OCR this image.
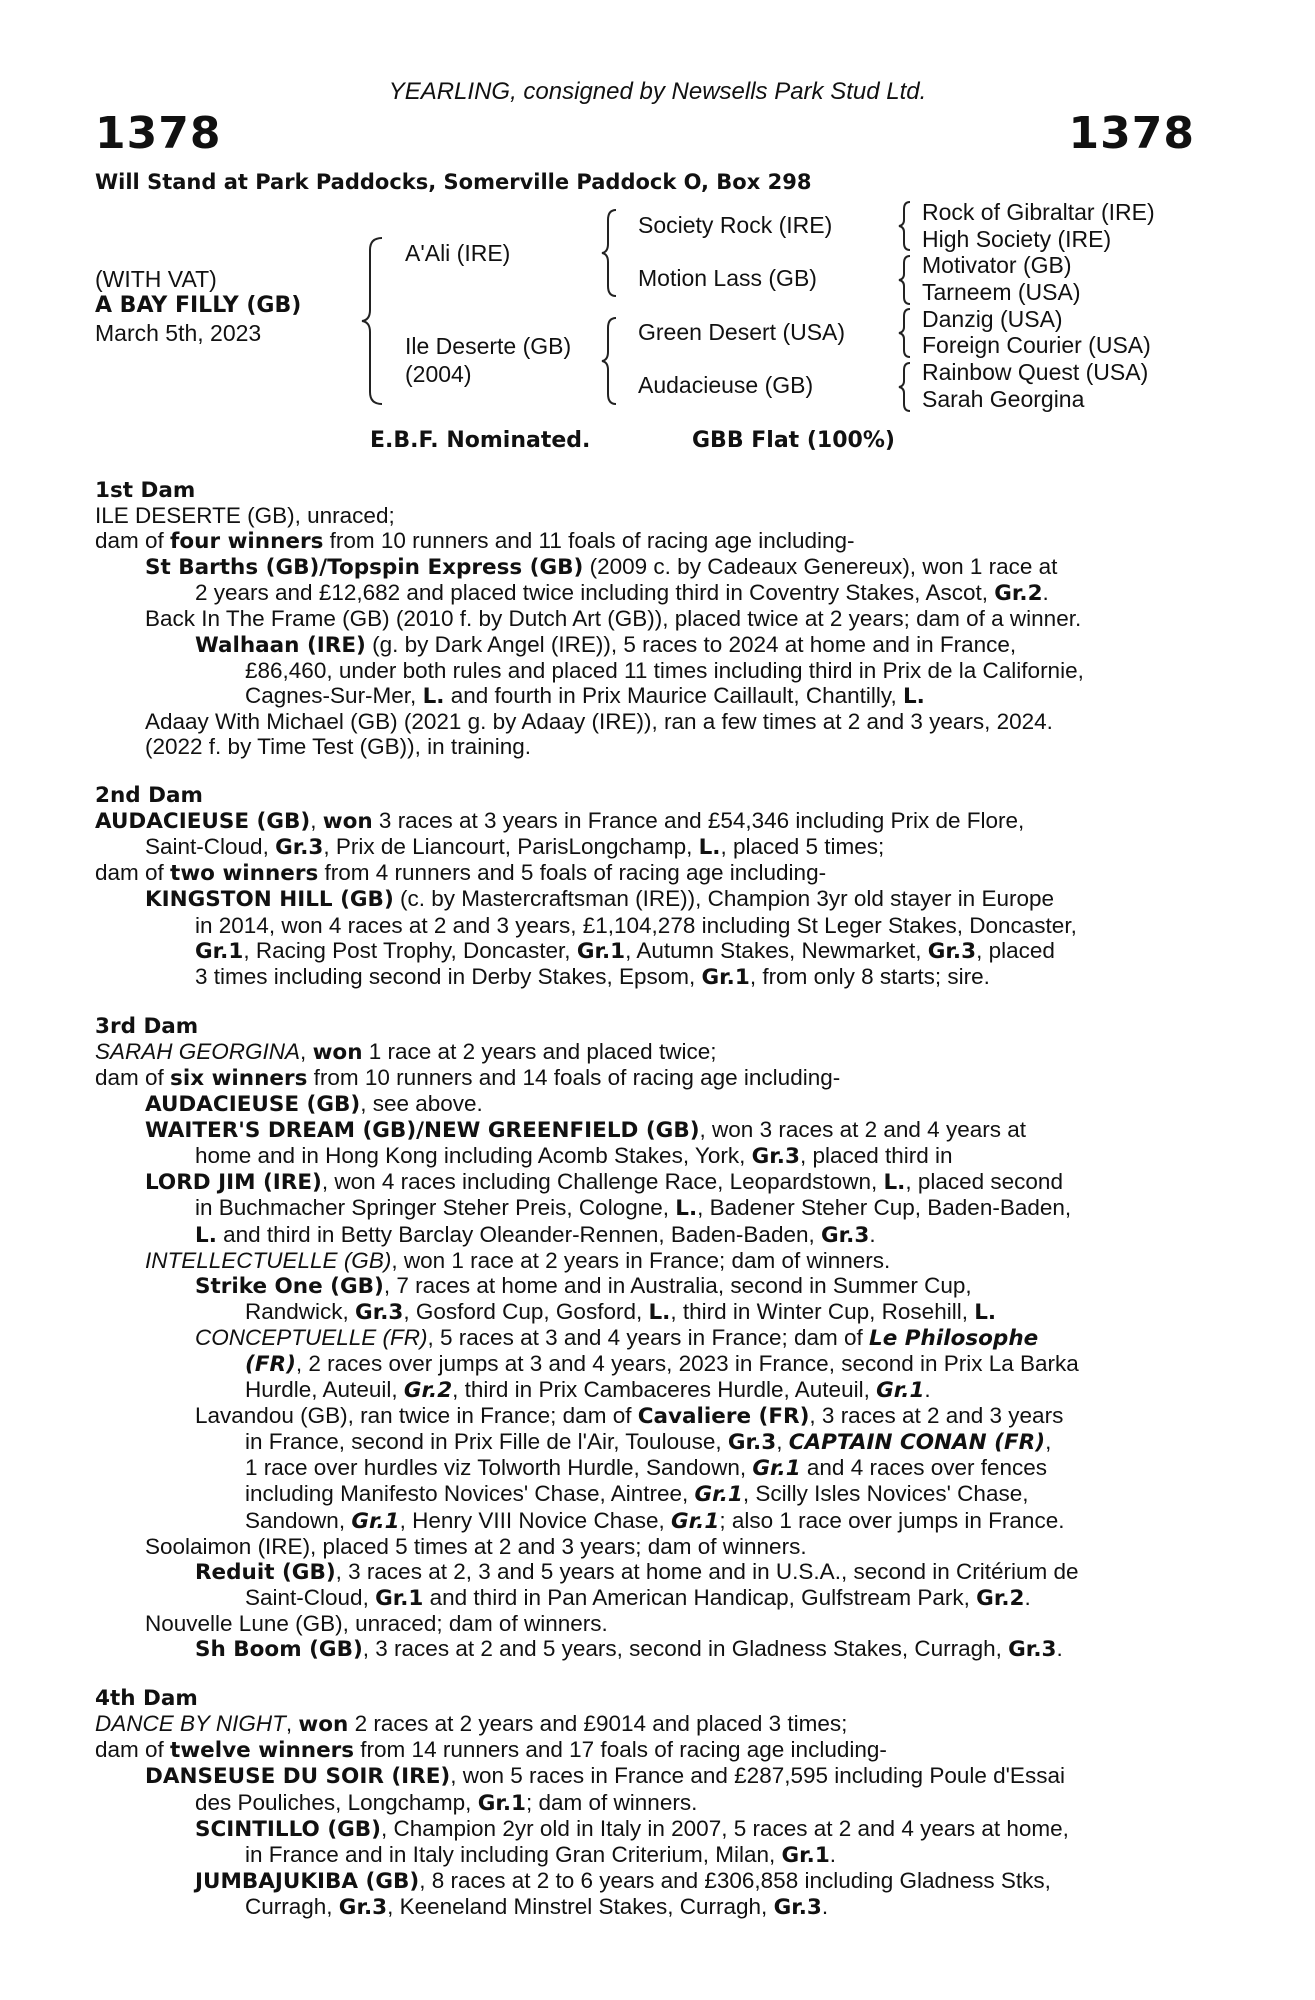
YEARLING, consigned by Newsells Park Stud Ltd.
1378	1378
Will Stand at Park Paddocks, Somerville Paddock O, Box 298
(WITH VAT)
A BAY FILLY (GB)
March 5th, 2023
A'Ali (IRE)
Ile Deserte (GB)
(2004)
Society Rock (IRE)
Motion Lass (GB)
Green Desert (USA)
Audacieuse (GB)
Rock of Gibraltar (IRE)
High Society (IRE)
Motivator (GB)
Tarneem (USA)
Danzig (USA)
Foreign Courier (USA)
Rainbow Quest (USA)
Sarah Georgina
E.B.F. Nominated.	GBB Flat (100%)
1st Dam
ILE DESERTE (GB), unraced;
dam of four winners from 10 runners and 11 foals of racing age including-
St Barths (GB)/Topspin Express (GB) (2009 c. by Cadeaux Genereux), won 1 race at
2 years and £12,682 and placed twice including third in Coventry Stakes, Ascot, Gr.2.
Back In The Frame (GB) (2010 f. by Dutch Art (GB)), placed twice at 2 years; dam of a winner.
Walhaan (IRE) (g. by Dark Angel (IRE)), 5 races to 2024 at home and in France,
£86,460, under both rules and placed 11 times including third in Prix de la Californie,
Cagnes-Sur-Mer, L. and fourth in Prix Maurice Caillault, Chantilly, L.
Adaay With Michael (GB) (2021 g. by Adaay (IRE)), ran a few times at 2 and 3 years, 2024.
(2022 f. by Time Test (GB)), in training.
2nd Dam
AUDACIEUSE (GB), won 3 races at 3 years in France and £54,346 including Prix de Flore,
Saint-Cloud, Gr.3, Prix de Liancourt, ParisLongchamp, L., placed 5 times;
dam of two winners from 4 runners and 5 foals of racing age including-
KINGSTON HILL (GB) (c. by Mastercraftsman (IRE)), Champion 3yr old stayer in Europe
in 2014, won 4 races at 2 and 3 years, £1,104,278 including St Leger Stakes, Doncaster,
Gr.1, Racing Post Trophy, Doncaster, Gr.1, Autumn Stakes, Newmarket, Gr.3, placed
3 times including second in Derby Stakes, Epsom, Gr.1, from only 8 starts; sire.
3rd Dam
SARAH GEORGINA, won 1 race at 2 years and placed twice;
dam of six winners from 10 runners and 14 foals of racing age including-
AUDACIEUSE (GB), see above.
WAITER'S DREAM (GB)/NEW GREENFIELD (GB), won 3 races at 2 and 4 years at
home and in Hong Kong including Acomb Stakes, York, Gr.3, placed third in
LORD JIM (IRE), won 4 races including Challenge Race, Leopardstown, L., placed second
in Buchmacher Springer Steher Preis, Cologne, L., Badener Steher Cup, Baden-Baden,
L. and third in Betty Barclay Oleander-Rennen, Baden-Baden, Gr.3.
INTELLECTUELLE (GB), won 1 race at 2 years in France; dam of winners.
Strike One (GB), 7 races at home and in Australia, second in Summer Cup,
Randwick, Gr.3, Gosford Cup, Gosford, L., third in Winter Cup, Rosehill, L.
CONCEPTUELLE (FR), 5 races at 3 and 4 years in France; dam of Le Philosophe
(FR), 2 races over jumps at 3 and 4 years, 2023 in France, second in Prix La Barka
Hurdle, Auteuil, Gr.2, third in Prix Cambaceres Hurdle, Auteuil, Gr.1.
Lavandou (GB), ran twice in France; dam of Cavaliere (FR), 3 races at 2 and 3 years
in France, second in Prix Fille de l'Air, Toulouse, Gr.3, CAPTAIN CONAN (FR),
1 race over hurdles viz Tolworth Hurdle, Sandown, Gr.1 and 4 races over fences
including Manifesto Novices' Chase, Aintree, Gr.1, Scilly Isles Novices' Chase,
Sandown, Gr.1, Henry VIII Novice Chase, Gr.1; also 1 race over jumps in France.
Soolaimon (IRE), placed 5 times at 2 and 3 years; dam of winners.
Reduit (GB), 3 races at 2, 3 and 5 years at home and in U.S.A., second in Critérium de
Saint-Cloud, Gr.1 and third in Pan American Handicap, Gulfstream Park, Gr.2.
Nouvelle Lune (GB), unraced; dam of winners.
Sh Boom (GB), 3 races at 2 and 5 years, second in Gladness Stakes, Curragh, Gr.3.
4th Dam
DANCE BY NIGHT, won 2 races at 2 years and £9014 and placed 3 times;
dam of twelve winners from 14 runners and 17 foals of racing age including-
DANSEUSE DU SOIR (IRE), won 5 races in France and £287,595 including Poule d'Essai
des Pouliches, Longchamp, Gr.1; dam of winners.
SCINTILLO (GB), Champion 2yr old in Italy in 2007, 5 races at 2 and 4 years at home,
in France and in Italy including Gran Criterium, Milan, Gr.1.
JUMBAJUKIBA (GB), 8 races at 2 to 6 years and £306,858 including Gladness Stks,
Curragh, Gr.3, Keeneland Minstrel Stakes, Curragh, Gr.3.
